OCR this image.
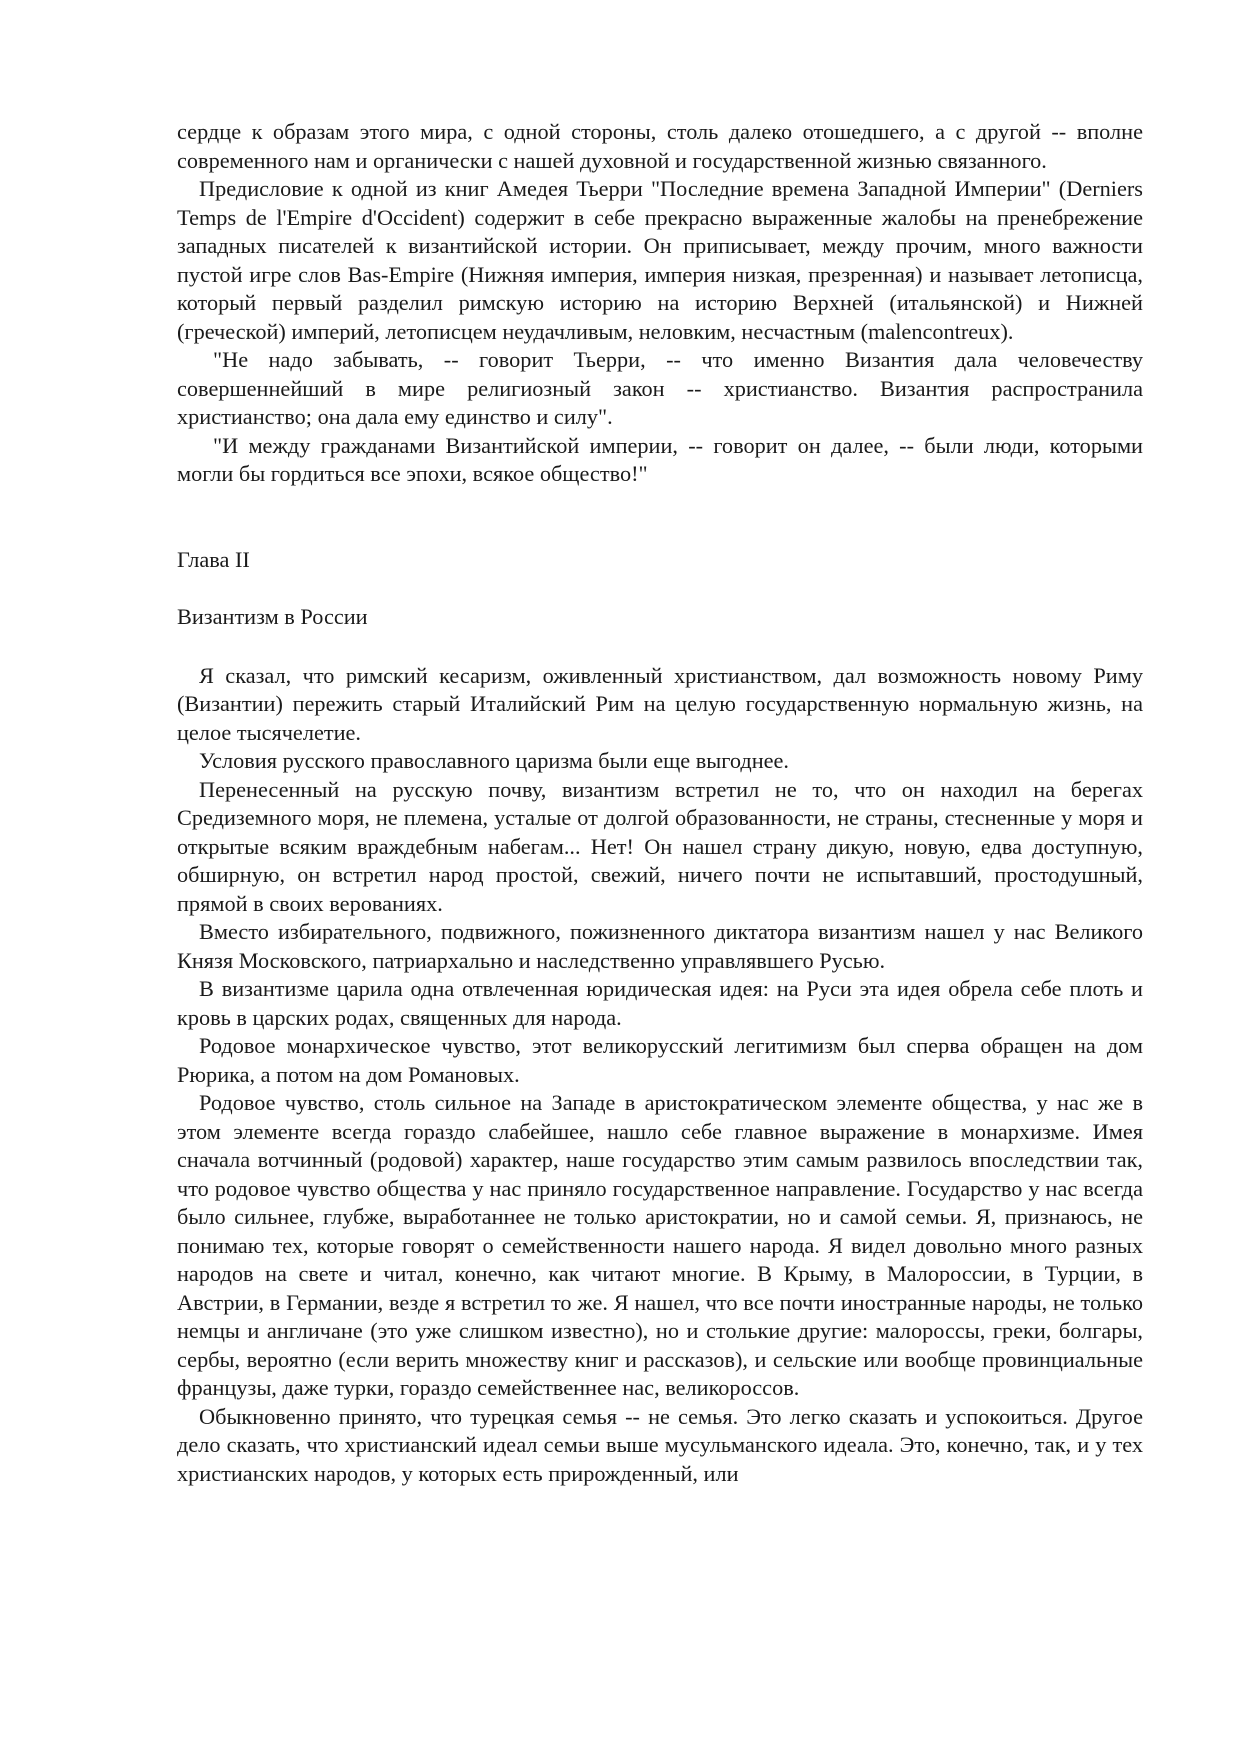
сердце к образам этого мира, с одной стороны, столь далеко отошедшего, а с другой -- вполне современного нам и органически с нашей духовной и государственной жизнью связанного.

Предисловие к одной из книг Амедея Тьерри "Последние времена Западной Империи" (Derniers Temps de l'Empire d'Occident) содержит в себе прекрасно выраженные жалобы на пренебрежение западных писателей к византийской истории. Он приписывает, между прочим, много важности пустой игре слов Bas-Empire (Нижняя империя, империя низкая, презренная) и называет летописца, который первый разделил римскую историю на историю Верхней (итальянской) и Нижней (греческой) империй, летописцем неудачливым, неловким, несчастным (malencontreux).

"Не надо забывать, -- говорит Тьерри, -- что именно Византия дала человечеству совершеннейший в мире религиозный закон -- христианство. Византия распространила христианство; она дала ему единство и силу".

"И между гражданами Византийской империи, -- говорит он далее, -- были люди, которыми могли бы гордиться все эпохи, всякое общество!"

Глава II

Византизм в России

Я сказал, что римский кесаризм, оживленный христианством, дал возможность новому Риму (Византии) пережить старый Италийский Рим на целую государственную нормальную жизнь, на целое тысячелетие.

Условия русского православного царизма были еще выгоднее.

Перенесенный на русскую почву, византизм встретил не то, что он находил на берегах Средиземного моря, не племена, усталые от долгой образованности, не страны, стесненные у моря и открытые всяким враждебным набегам... Нет! Он нашел страну дикую, новую, едва доступную, обширную, он встретил народ простой, свежий, ничего почти не испытавший, простодушный, прямой в своих верованиях.

Вместо избирательного, подвижного, пожизненного диктатора византизм нашел у нас Великого Князя Московского, патриархально и наследственно управлявшего Русью.

В византизме царила одна отвлеченная юридическая идея: на Руси эта идея обрела себе плоть и кровь в царских родах, священных для народа.

Родовое монархическое чувство, этот великорусский легитимизм был сперва обращен на дом Рюрика, а потом на дом Романовых.

Родовое чувство, столь сильное на Западе в аристократическом элементе общества, у нас же в этом элементе всегда гораздо слабейшее, нашло себе главное выражение в монархизме. Имея сначала вотчинный (родовой) характер, наше государство этим самым развилось впоследствии так, что родовое чувство общества у нас приняло государственное направление. Государство у нас всегда было сильнее, глубже, выработаннее не только аристократии, но и самой семьи. Я, признаюсь, не понимаю тех, которые говорят о семейственности нашего народа. Я видел довольно много разных народов на свете и читал, конечно, как читают многие. В Крыму, в Малороссии, в Турции, в Австрии, в Германии, везде я встретил то же. Я нашел, что все почти иностранные народы, не только немцы и англичане (это уже слишком известно), но и столькие другие: малороссы, греки, болгары, сербы, вероятно (если верить множеству книг и рассказов), и сельские или вообще провинциальные французы, даже турки, гораздо семейственнее нас, великороссов.

Обыкновенно принято, что турецкая семья -- не семья. Это легко сказать и успокоиться. Другое дело сказать, что христианский идеал семьи выше мусульманского идеала. Это, конечно, так, и у тех христианских народов, у которых есть прирожденный, или
